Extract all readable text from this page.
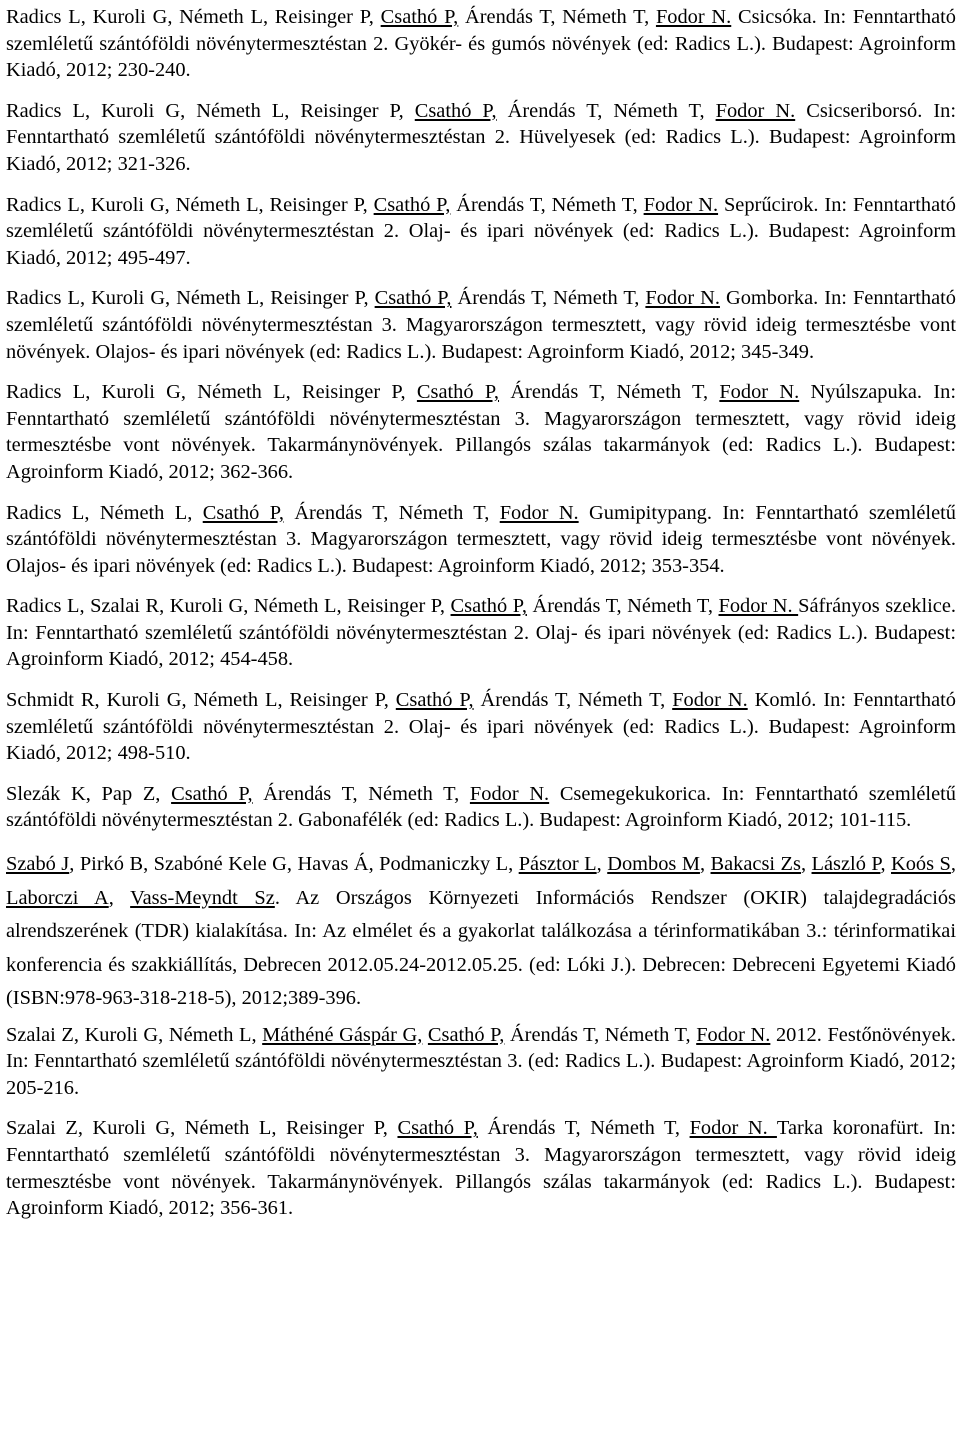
Radics L, Kuroli G, Németh L, Reisinger P, Csathó P, Árendás T, Németh T, Fodor N. Csicsóka. In: Fenntartható szemléletű szántóföldi növénytermesztéstan 2. Gyökér- és gumós növények (ed: Radics L.). Budapest: Agroinform Kiadó, 2012; 230-240.

Radics L, Kuroli G, Németh L, Reisinger P, Csathó P, Árendás T, Németh T, Fodor N. Csicseriborsó. In: Fenntartható szemléletű szántóföldi növénytermesztéstan 2. Hüvelyesek (ed: Radics L.). Budapest: Agroinform Kiadó, 2012; 321-326.

Radics L, Kuroli G, Németh L, Reisinger P, Csathó P, Árendás T, Németh T, Fodor N. Seprűcirok. In: Fenntartható szemléletű szántóföldi növénytermesztéstan 2. Olaj- és ipari növények (ed: Radics L.). Budapest: Agroinform Kiadó, 2012; 495-497.

Radics L, Kuroli G, Németh L, Reisinger P, Csathó P, Árendás T, Németh T, Fodor N. Gomborka. In: Fenntartható szemléletű szántóföldi növénytermesztéstan 3. Magyarországon termesztett, vagy rövid ideig termesztésbe vont növények. Olajos- és ipari növények (ed: Radics L.). Budapest: Agroinform Kiadó, 2012; 345-349.

Radics L, Kuroli G, Németh L, Reisinger P, Csathó P, Árendás T, Németh T, Fodor N. Nyúlszapuka. In: Fenntartható szemléletű szántóföldi növénytermesztéstan 3. Magyarországon termesztett, vagy rövid ideig termesztésbe vont növények. Takarmánynövények. Pillangós szálas takarmányok (ed: Radics L.). Budapest: Agroinform Kiadó, 2012; 362-366.

Radics L, Németh L, Csathó P, Árendás T, Németh T, Fodor N. Gumipitypang. In: Fenntartható szemléletű szántóföldi növénytermesztéstan 3. Magyarországon termesztett, vagy rövid ideig termesztésbe vont növények. Olajos- és ipari növények (ed: Radics L.). Budapest: Agroinform Kiadó, 2012; 353-354.

Radics L, Szalai R, Kuroli G, Németh L, Reisinger P, Csathó P, Árendás T, Németh T, Fodor N. Sáfrányos szeklice. In: Fenntartható szemléletű szántóföldi növénytermesztéstan 2. Olaj- és ipari növények (ed: Radics L.). Budapest: Agroinform Kiadó, 2012; 454-458.

Schmidt R, Kuroli G, Németh L, Reisinger P, Csathó P, Árendás T, Németh T, Fodor N. Komló. In: Fenntartható szemléletű szántóföldi növénytermesztéstan 2. Olaj- és ipari növények (ed: Radics L.). Budapest: Agroinform Kiadó, 2012; 498-510.

Slezák K, Pap Z, Csathó P, Árendás T, Németh T, Fodor N. Csemegekukorica. In: Fenntartható szemléletű szántóföldi növénytermesztéstan 2. Gabonafélék (ed: Radics L.). Budapest: Agroinform Kiadó, 2012; 101-115.

Szabó J, Pirkó B, Szabóné Kele G, Havas Á, Podmaniczky L, Pásztor L, Dombos M, Bakacsi Zs, László P, Koós S, Laborczi A, Vass-Meyndt Sz. Az Országos Környezeti Információs Rendszer (OKIR) talajdegradációs alrendszerének (TDR) kialakítása. In: Az elmélet és a gyakorlat találkozása a térinformatikában 3.: térinformatikai konferencia és szakkiállítás, Debrecen 2012.05.24-2012.05.25. (ed: Lóki J.). Debrecen: Debreceni Egyetemi Kiadó (ISBN:978-963-318-218-5), 2012;389-396.

Szalai Z, Kuroli G, Németh L, Máthéné Gáspár G, Csathó P, Árendás T, Németh T, Fodor N. 2012. Festőnövények. In: Fenntartható szemléletű szántóföldi növénytermesztéstan 3. (ed: Radics L.). Budapest: Agroinform Kiadó, 2012; 205-216.

Szalai Z, Kuroli G, Németh L, Reisinger P, Csathó P, Árendás T, Németh T, Fodor N. Tarka koronafürt. In: Fenntartható szemléletű szántóföldi növénytermesztéstan 3. Magyarországon termesztett, vagy rövid ideig termesztésbe vont növények. Takarmánynövények. Pillangós szálas takarmányok (ed: Radics L.). Budapest: Agroinform Kiadó, 2012; 356-361.
